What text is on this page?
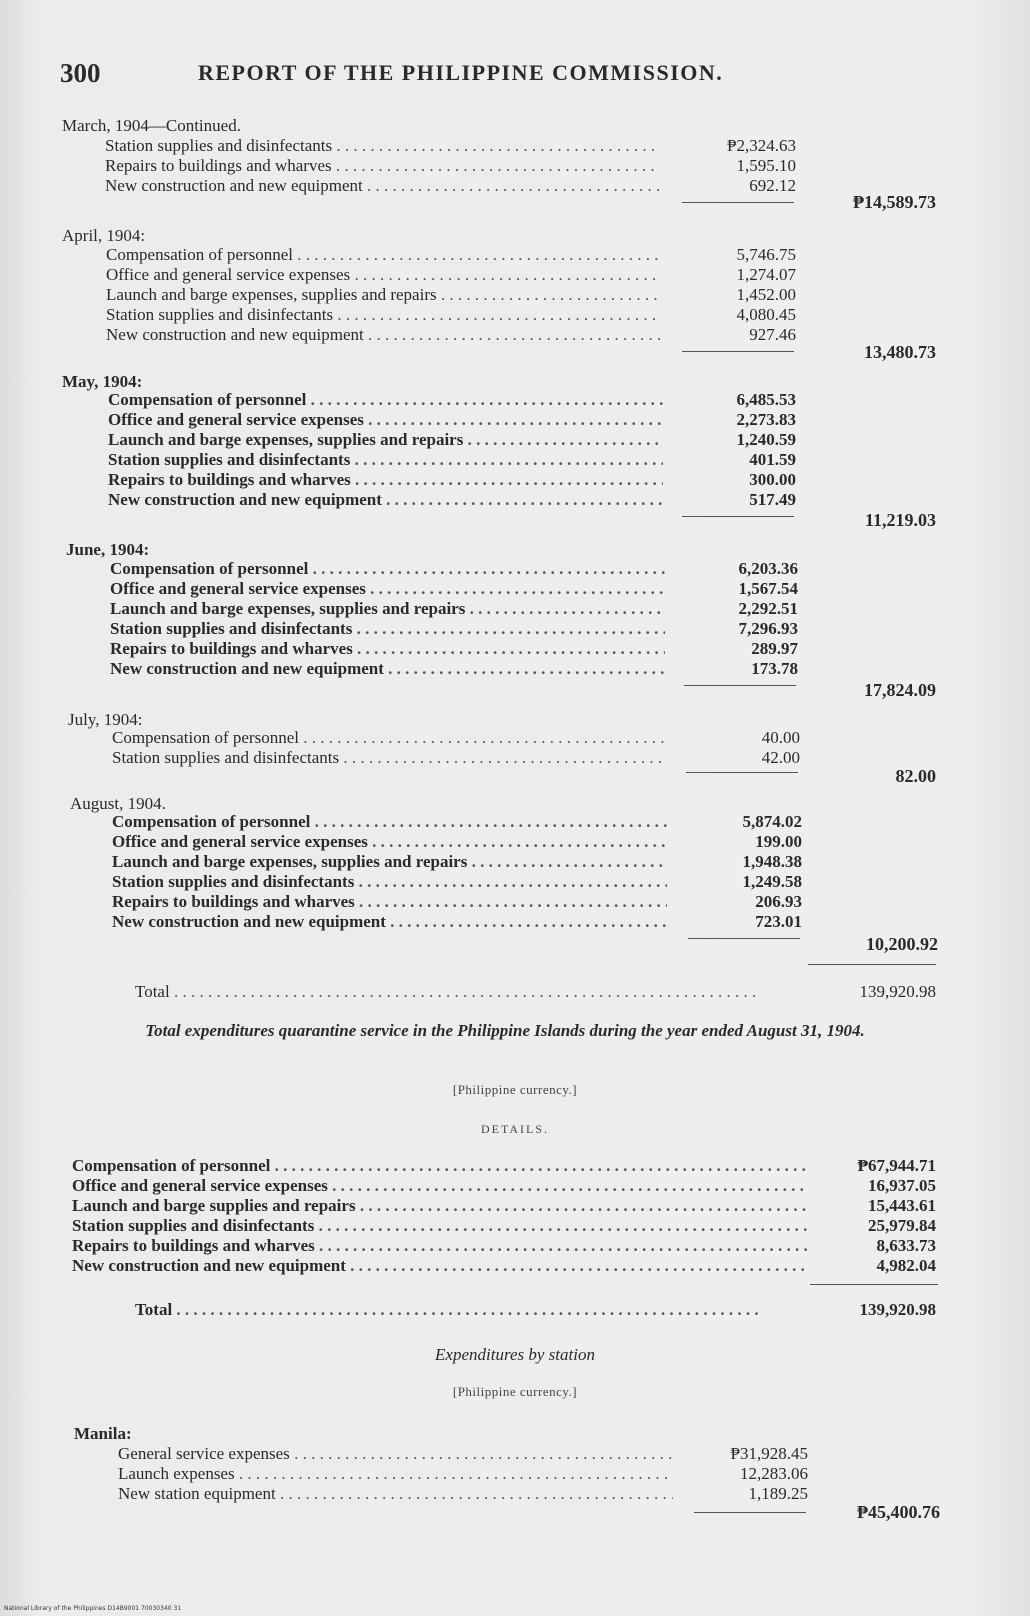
300	REPORT OF THE PHILIPPINE COMMISSION.
March, 1904—Continued.
Station supplies and disinfectants . . .	₱2,324.63
Repairs to buildings and wharves . . .	1,595.10
New construction and new equipment . . .	692.12
₱14,589.73
April, 1904:
Compensation of personnel . . .	5,746.75
Office and general service expenses . . .	1,274.07
Launch and barge expenses, supplies and repairs . . .	1,452.00
Station supplies and disinfectants . . .	4,080.45
New construction and new equipment . . .	927.46
13,480.73
May, 1904:
Compensation of personnel . . .	6,485.53
Office and general service expenses . . .	2,273.83
Launch and barge expenses, supplies and repairs . . .	1,240.59
Station supplies and disinfectants . . .	401.59
Repairs to buildings and wharves . . .	300.00
New construction and new equipment . . .	517.49
11,219.03
June, 1904:
Compensation of personnel . . .	6,203.36
Office and general service expenses . . .	1,567.54
Launch and barge expenses, supplies and repairs . . .	2,292.51
Station supplies and disinfectants . . .	7,296.93
Repairs to buildings and wharves . . .	289.97
New construction and new equipment . . .	173.78
17,824.09
July, 1904:
Compensation of personnel . . .	40.00
Station supplies and disinfectants . . .	42.00
82.00
August, 1904.
Compensation of personnel . . .	5,874.02
Office and general service expenses . . .	199.00
Launch and barge expenses, supplies and repairs . . .	1,948.38
Station supplies and disinfectants . . .	1,249.58
Repairs to buildings and wharves . . .	206.93
New construction and new equipment . . .	723.01
10,200.92
Total . . .	139,920.98
Total expenditures quarantine service in the Philippine Islands during the year ended August 31, 1904.
[Philippine currency.]
DETAILS.
Compensation of personnel . . .	₱67,944.71
Office and general service expenses . . .	16,937.05
Launch and barge supplies and repairs . . .	15,443.61
Station supplies and disinfectants . . .	25,979.84
Repairs to buildings and wharves . . .	8,633.73
New construction and new equipment . . .	4,982.04
Total . . .	139,920.98
Expenditures by station
[Philippine currency.]
Manila:
General service expenses . . .	₱31,928.45
Launch expenses . . .	12,283.06
New station equipment . . .	1,189.25
₱45,400.76
National Library of the Philippines D14B9001 70030340 31
